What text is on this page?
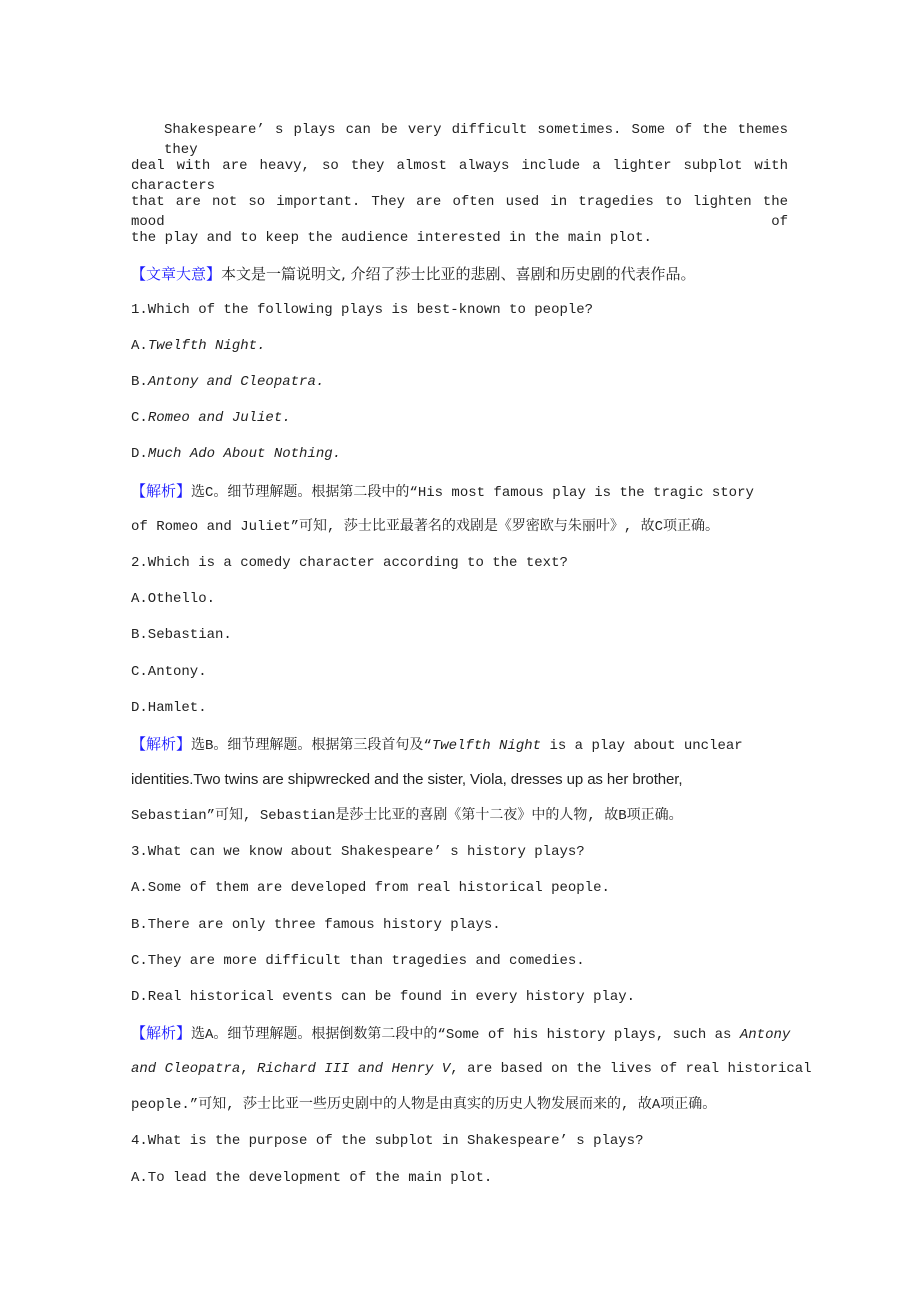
Shakespeare’ s plays can be very difficult sometimes. Some of the themes they
deal with are heavy, so they almost always include a lighter subplot with characters
that are not so important. They are often used in tragedies to lighten the mood of
the play and to keep the audience interested in the main plot.
【文章大意】本文是一篇说明文, 介绍了莎士比亚的悲剧、喜剧和历史剧的代表作品。
1.Which of the following plays is best-known to people?
A.Twelfth Night.
B.Antony and Cleopatra.
C.Romeo and Juliet.
D.Much Ado About Nothing.
【解析】选C。细节理解题。根据第二段中的“His most famous play is the tragic story
of Romeo and Juliet”可知, 莎士比亚最著名的戏剧是《罗密欧与朱丽叶》, 故C项正确。
2.Which is a comedy character according to the text?
A.Othello.
B.Sebastian.
C.Antony.
D.Hamlet.
【解析】选B。细节理解题。根据第三段首句及“Twelfth Night is a play about unclear
identities.Two twins are shipwrecked and the sister, Viola, dresses up as her brother,
Sebastian”可知, Sebastian是莎士比亚的喜剧《第十二夜》中的人物, 故B项正确。
3.What can we know about Shakespeare’ s history plays?
A.Some of them are developed from real historical people.
B.There are only three famous history plays.
C.They are more difficult than tragedies and comedies.
D.Real historical events can be found in every history play.
【解析】选A。细节理解题。根据倒数第二段中的“Some of his history plays, such as Antony
and Cleopatra, Richard III and Henry V, are based on the lives of real historical
people.”可知, 莎士比亚一些历史剧中的人物是由真实的历史人物发展而来的, 故A项正确。
4.What is the purpose of the subplot in Shakespeare’ s plays?
A.To lead the development of the main plot.
